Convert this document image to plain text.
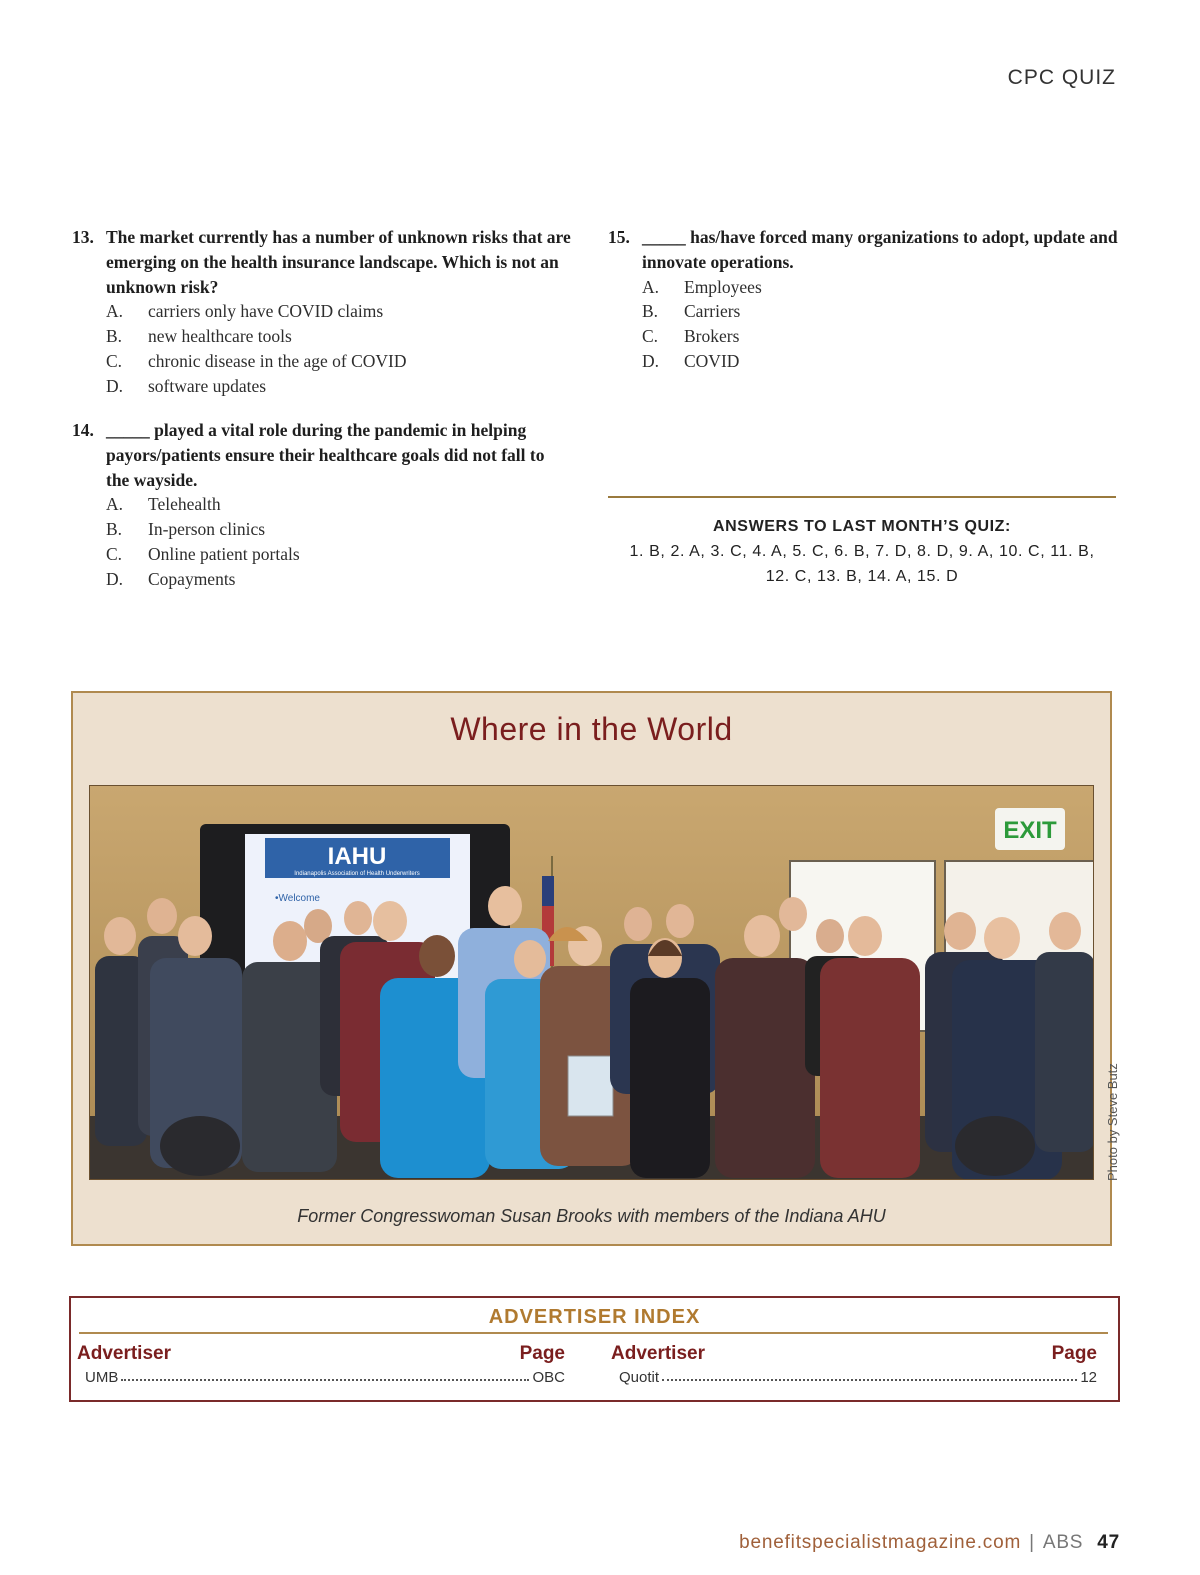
CPC QUIZ
13. The market currently has a number of unknown risks that are emerging on the health insurance landscape. Which is not an unknown risk?
A.	carriers only have COVID claims
B.	new healthcare tools
C.	chronic disease in the age of COVID
D.	software updates
14. _____ played a vital role during the pandemic in helping payors/patients ensure their healthcare goals did not fall to the wayside.
A.	Telehealth
B.	In-person clinics
C.	Online patient portals
D.	Copayments
15. _____ has/have forced many organizations to adopt, update and innovate operations.
A.	Employees
B.	Carriers
C.	Brokers
D.	COVID
ANSWERS TO LAST MONTH’S QUIZ:
1. B, 2. A, 3. C, 4. A, 5. C, 6. B, 7. D, 8. D, 9. A, 10. C, 11. B,
12. C, 13. B, 14. A, 15. D
Where in the World
IAHU
Indianapolis Association of Health Underwriters
•Welcome
EXIT
Photo by Steve Butz
Former Congresswoman Susan Brooks with members of the Indiana AHU
ADVERTISER INDEX
Advertiser	Page
UMB	OBC
Advertiser	Page
Quotit	12
benefitspecialistmagazine.com | ABS 47
